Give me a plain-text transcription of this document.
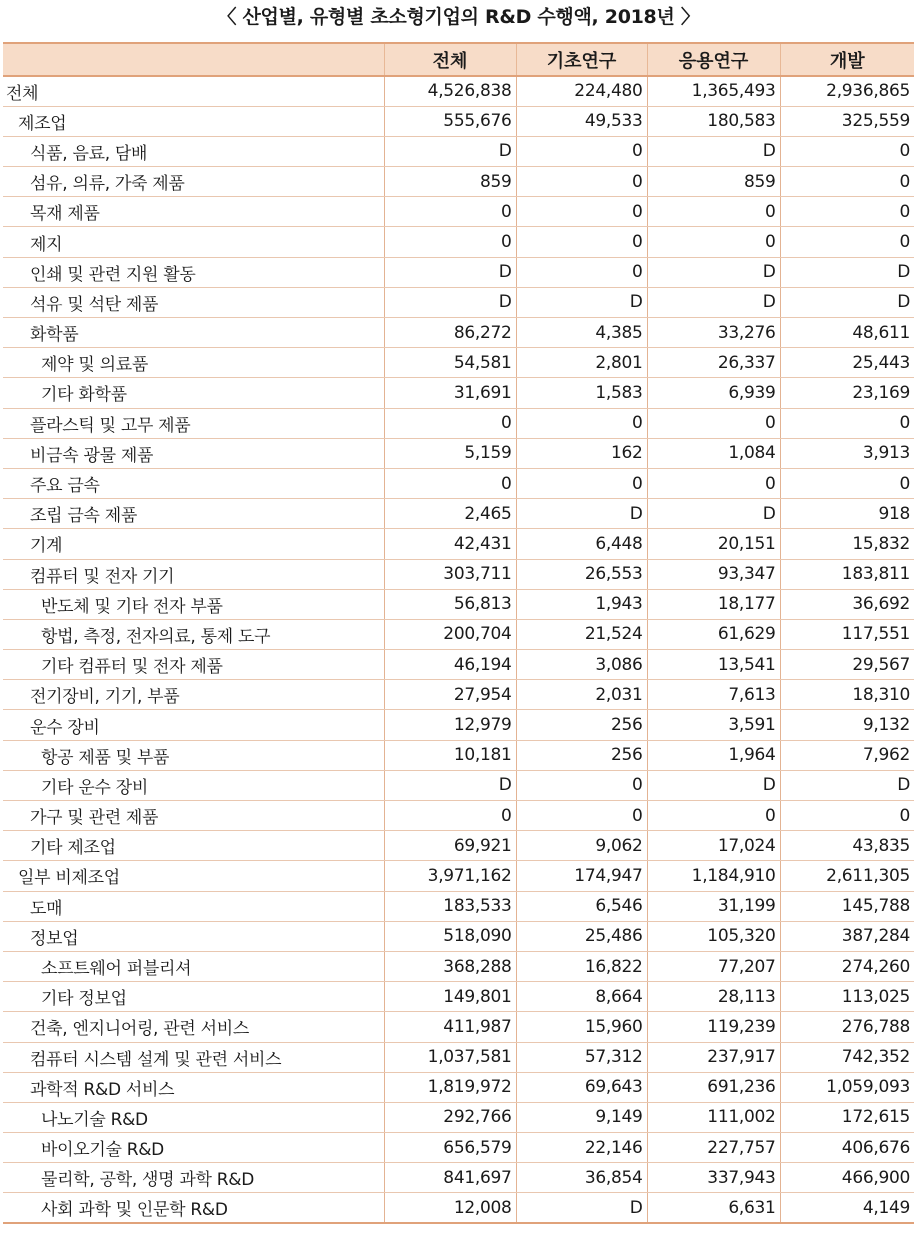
〈 산업별, 유형별 초소형기업의 R&D 수행액, 2018년 〉
	전체	기초연구	응용연구	개발
전체	4,526,838	224,480	1,365,493	2,936,865
제조업	555,676	49,533	180,583	325,559
식품, 음료, 담배	D	0	D	0
섬유, 의류, 가죽 제품	859	0	859	0
목재 제품	0	0	0	0
제지	0	0	0	0
인쇄 및 관련 지원 활동	D	0	D	D
석유 및 석탄 제품	D	D	D	D
화학품	86,272	4,385	33,276	48,611
제약 및 의료품	54,581	2,801	26,337	25,443
기타 화학품	31,691	1,583	6,939	23,169
플라스틱 및 고무 제품	0	0	0	0
비금속 광물 제품	5,159	162	1,084	3,913
주요 금속	0	0	0	0
조립 금속 제품	2,465	D	D	918
기계	42,431	6,448	20,151	15,832
컴퓨터 및 전자 기기	303,711	26,553	93,347	183,811
반도체 및 기타 전자 부품	56,813	1,943	18,177	36,692
항법, 측정, 전자의료, 통제 도구	200,704	21,524	61,629	117,551
기타 컴퓨터 및 전자 제품	46,194	3,086	13,541	29,567
전기장비, 기기, 부품	27,954	2,031	7,613	18,310
운수 장비	12,979	256	3,591	9,132
항공 제품 및 부품	10,181	256	1,964	7,962
기타 운수 장비	D	0	D	D
가구 및 관련 제품	0	0	0	0
기타 제조업	69,921	9,062	17,024	43,835
일부 비제조업	3,971,162	174,947	1,184,910	2,611,305
도매	183,533	6,546	31,199	145,788
정보업	518,090	25,486	105,320	387,284
소프트웨어 퍼블리셔	368,288	16,822	77,207	274,260
기타 정보업	149,801	8,664	28,113	113,025
건축, 엔지니어링, 관련 서비스	411,987	15,960	119,239	276,788
컴퓨터 시스템 설계 및 관련 서비스	1,037,581	57,312	237,917	742,352
과학적 R&D 서비스	1,819,972	69,643	691,236	1,059,093
나노기술 R&D	292,766	9,149	111,002	172,615
바이오기술 R&D	656,579	22,146	227,757	406,676
물리학, 공학, 생명 과학 R&D	841,697	36,854	337,943	466,900
사회 과학 및 인문학 R&D	12,008	D	6,631	4,149
